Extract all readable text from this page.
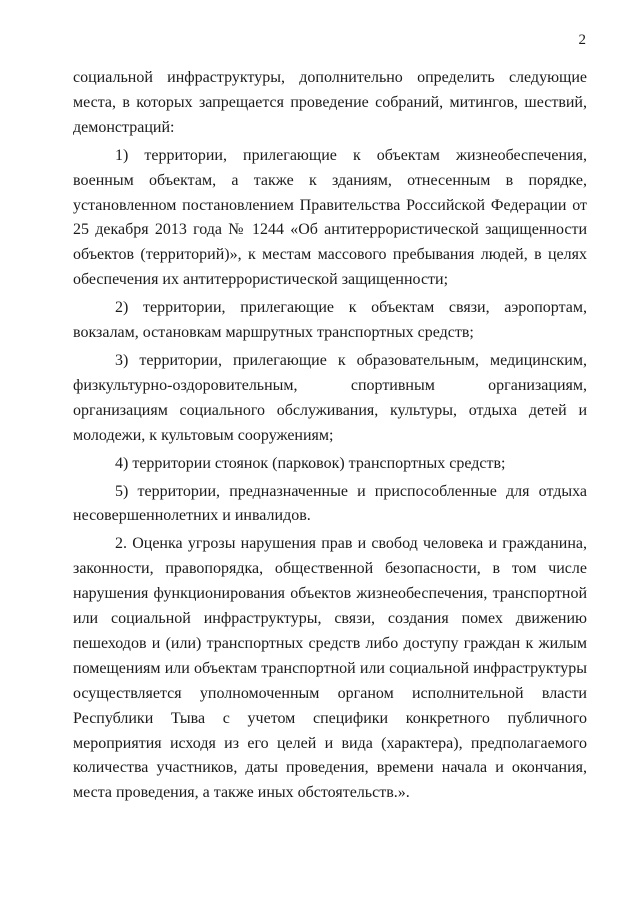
2

социальной инфраструктуры, дополнительно определить следующие места, в которых запрещается проведение собраний, митингов, шествий, демонстраций:

1) территории, прилегающие к объектам жизнеобеспечения, военным объектам, а также к зданиям, отнесенным в порядке, установленном постановлением Правительства Российской Федерации от 25 декабря 2013 года № 1244 «Об антитеррористической защищенности объектов (территорий)», к местам массового пребывания людей, в целях обеспечения их антитеррористической защищенности;

2) территории, прилегающие к объектам связи, аэропортам, вокзалам, остановкам маршрутных транспортных средств;

3) территории, прилегающие к образовательным, медицинским, физкультурно-оздоровительным, спортивным организациям, организациям социального обслуживания, культуры, отдыха детей и молодежи, к культовым сооружениям;

4) территории стоянок (парковок) транспортных средств;

5) территории, предназначенные и приспособленные для отдыха несовершеннолетних и инвалидов.

2. Оценка угрозы нарушения прав и свобод человека и гражданина, законности, правопорядка, общественной безопасности, в том числе нарушения функционирования объектов жизнеобеспечения, транспортной или социальной инфраструктуры, связи, создания помех движению пешеходов и (или) транспортных средств либо доступу граждан к жилым помещениям или объектам транспортной или социальной инфраструктуры осуществляется уполномоченным органом исполнительной власти Республики Тыва с учетом специфики конкретного публичного мероприятия исходя из его целей и вида (характера), предполагаемого количества участников, даты проведения, времени начала и окончания, места проведения, а также иных обстоятельств.».
